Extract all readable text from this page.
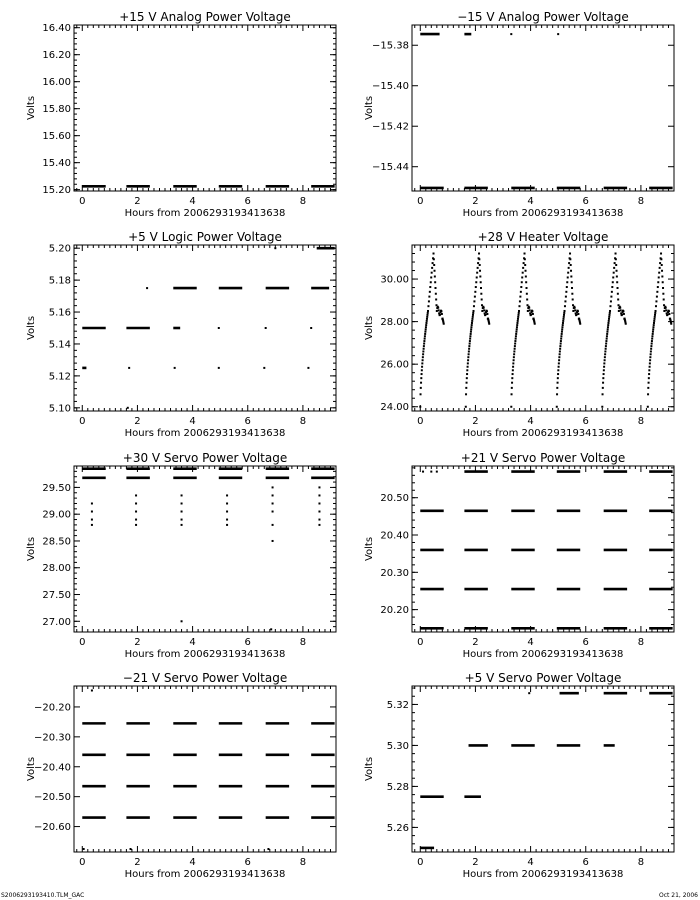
+15 V Analog Power Voltage
0	2	4	6	8
15.20
15.40
15.60
15.80
16.00
16.20
16.40
Hours from 2006293193413638
Volts
−15 V Analog Power Voltage
0	2	4	6	8
−15.38
−15.40
−15.42
−15.44
Hours from 2006293193413638
Volts
+5 V Logic Power Voltage
0	2	4	6	8
5.10
5.12
5.14
5.16
5.18
5.20
Hours from 2006293193413638
Volts
+28 V Heater Voltage
0	2	4	6	8
24.00
26.00
28.00
30.00
Hours from 2006293193413638
Volts
+30 V Servo Power Voltage
0	2	4	6	8
27.00
27.50
28.00
28.50
29.00
29.50
Hours from 2006293193413638
Volts
+21 V Servo Power Voltage
0	2	4	6	8
20.20
20.30
20.40
20.50
Hours from 2006293193413638
Volts
−21 V Servo Power Voltage
0	2	4	6	8
−20.20
−20.30
−20.40
−20.50
−20.60
Hours from 2006293193413638
Volts
+5 V Servo Power Voltage
0	2	4	6	8
5.26
5.28
5.30
5.32
Hours from 2006293193413638
Volts
S2006293193410.TLM_GAC	Oct 21, 2006
